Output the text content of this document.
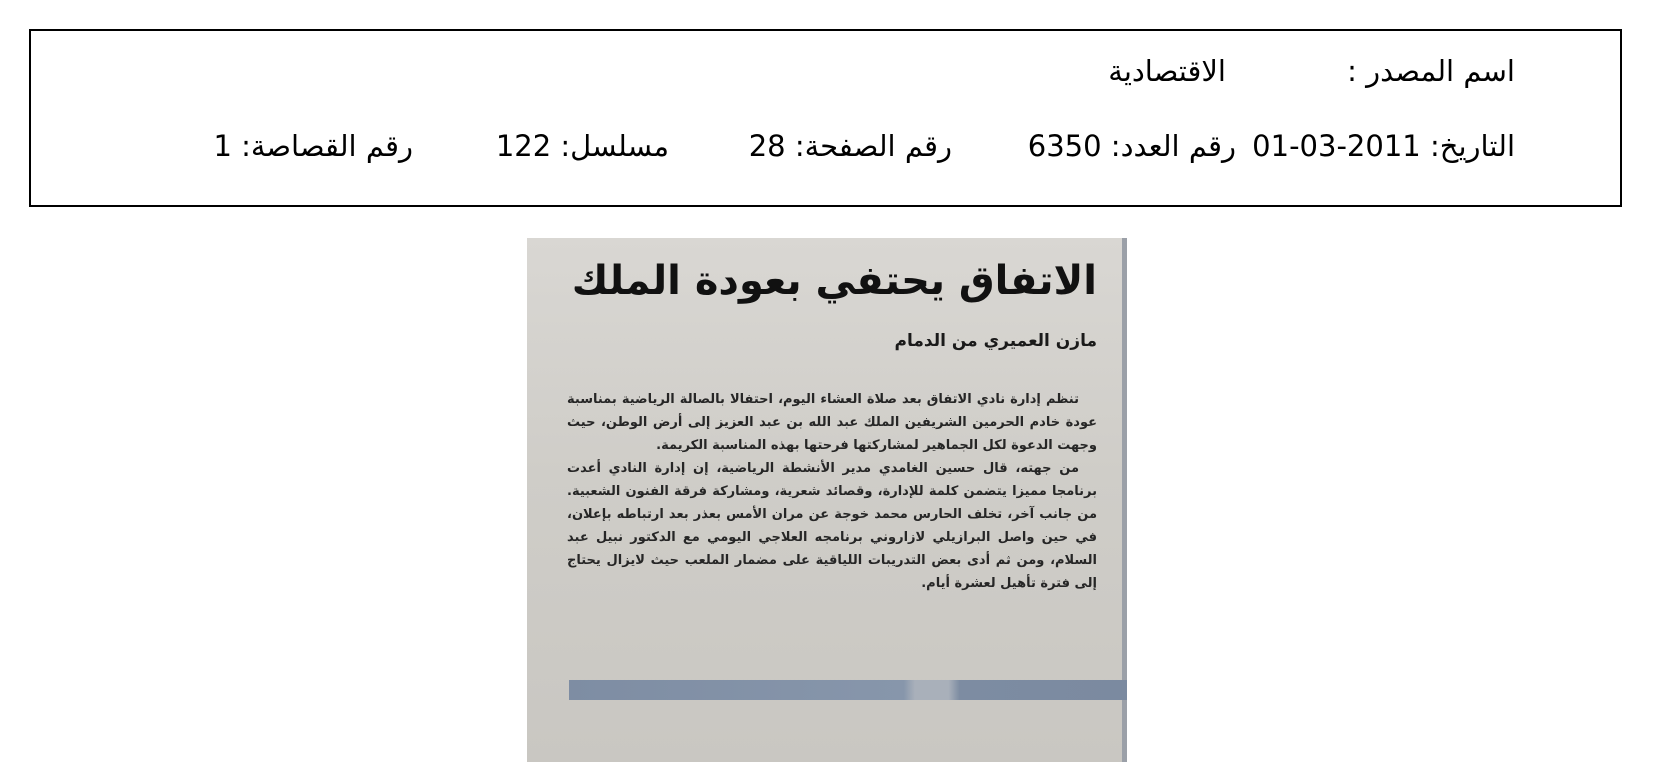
اسم المصدر :
الاقتصادية
التاريخ: 2011-03-01
رقم العدد: 6350
رقم الصفحة: 28
مسلسل: 122
رقم القصاصة: 1
الاتفاق يحتفي بعودة الملك
مازن العميري من الدمام

تنظم إدارة نادي الاتفاق بعد صلاة العشاء اليوم، احتفالا بالصالة الرياضية بمناسبة عودة خادم الحرمين الشريفين الملك عبد الله بن عبد العزيز إلى أرض الوطن، حيث وجهت الدعوة لكل الجماهير لمشاركتها فرحتها بهذه المناسبة الكريمة.

من جهته، قال حسين الغامدي مدير الأنشطة الرياضية، إن إدارة النادي أعدت برنامجا مميزا يتضمن كلمة للإدارة، وقصائد شعرية، ومشاركة فرقة الفنون الشعبية. من جانب آخر، تخلف الحارس محمد خوجة عن مران الأمس بعذر بعد ارتباطه بإعلان، في حين واصل البرازيلي لازاروني برنامجه العلاجي اليومي مع الدكتور نبيل عبد السلام، ومن ثم أدى بعض التدريبات اللياقية على مضمار الملعب حيث لايزال يحتاج إلى فترة تأهيل لعشرة أيام.
